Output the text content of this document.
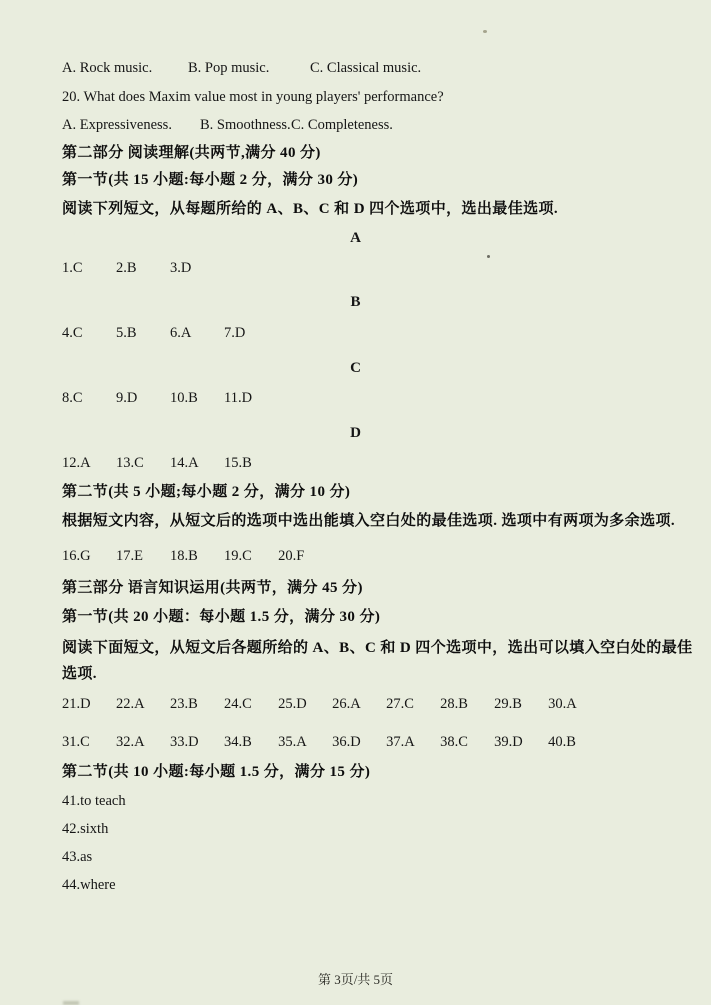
A. Rock music. B. Pop music.	C. Classical music.
20. What does Maxim value most in young players' performance?
A. Expressiveness. B. Smoothness. C. Completeness.
第二部分 阅读理解(共两节,满分 40 分)
第一节(共 15 小题:每小题 2 分，满分 30 分)
阅读下列短文，从每题所给的 A、B、C 和 D 四个选项中，选出最佳选项.
A
1.C 2.B 3.D
B
4.C 5.B 6.A 7.D
C
8.C 9.D 10.B 11.D
D
12.A 13.C 14.A 15.B
第二节(共 5 小题;每小题 2 分，满分 10 分)
根据短文内容，从短文后的选项中选出能填入空白处的最佳选项. 选项中有两项为多余选项.
16.G 17.E 18.B 19.C 20.F
第三部分 语言知识运用(共两节，满分 45 分)
第一节(共 20 小题：每小题 1.5 分，满分 30 分)
阅读下面短文，从短文后各题所给的 A、B、C 和 D 四个选项中，选出可以填入空白处的最佳
选项.
21.D 22.A 23.B 24.C 25.D 26.A 27.C 28.B 29.B 30.A
31.C 32.A 33.D 34.B 35.A 36.D 37.A 38.C 39.D 40.B
第二节(共 10 小题:每小题 1.5 分，满分 15 分)
41.to teach
42.sixth
43.as
44.where
第 3页/共 5页
